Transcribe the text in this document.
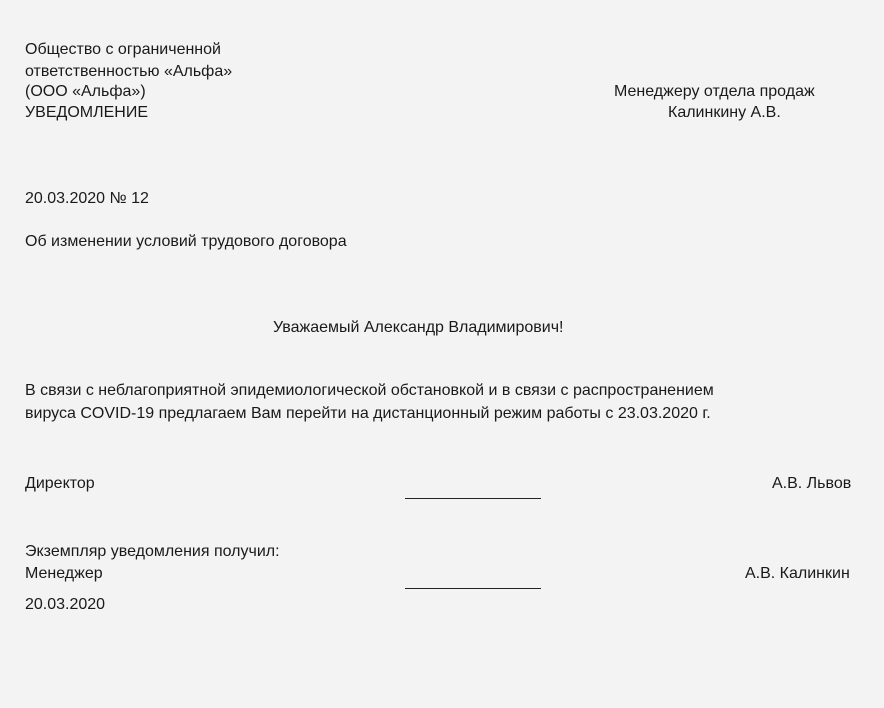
Общество с ограниченной
ответственностью «Альфа»
(ООО «Альфа»)
УВЕДОМЛЕНИЕ
Менеджеру отдела продаж
Калинкину А.В.
20.03.2020 № 12
Об изменении условий трудового договора
Уважаемый Александр Владимирович!
В связи с неблагоприятной эпидемиологической обстановкой и в связи с распространением
вируса COVID-19 предлагаем Вам перейти на дистанционный режим работы с 23.03.2020 г.
Директор	А.В. Львов
Экземпляр уведомления получил:
Менеджер	А.В. Калинкин
20.03.2020
